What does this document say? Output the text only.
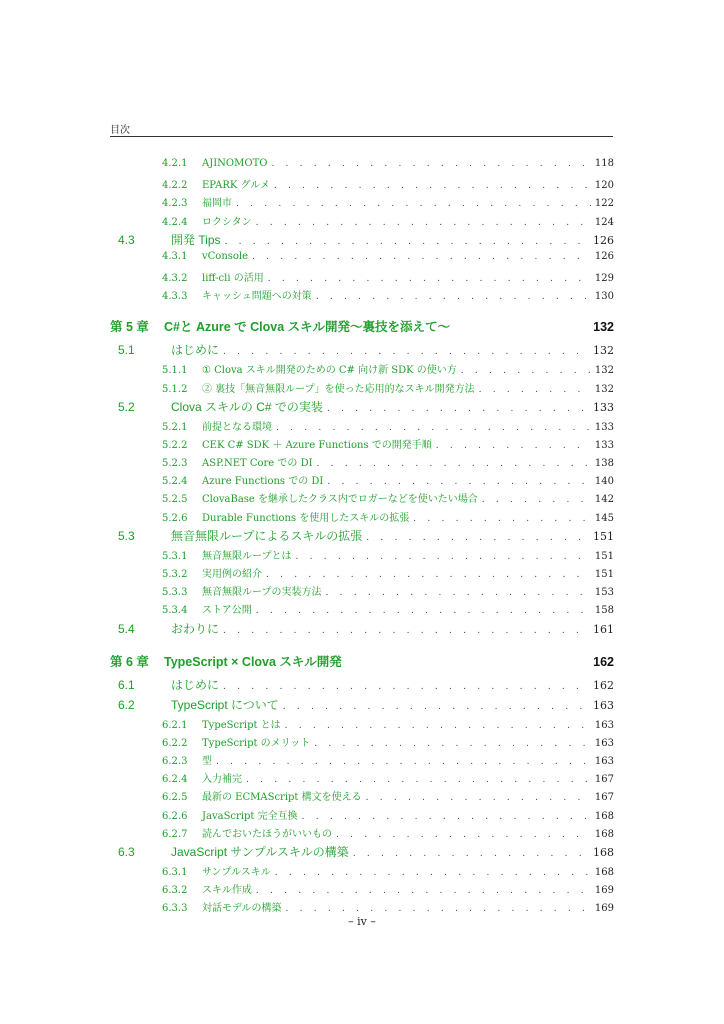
目次
4.2.1	AJINOMOTO . . .	118
4.2.2	EPARK グルメ . . .	120
4.2.3	福岡市 . . .	122
4.2.4	ロクシタン . . .	124
4.3	開発 Tips . . .	126
4.3.1	vConsole . . .	126
4.3.2	liff-cli の活用 . . .	129
4.3.3	キャッシュ問題への対策 . . .	130
第 5 章	C#と Azure で Clova スキル開発〜裏技を添えて〜	132
5.1	はじめに . . .	132
5.1.1	① Clova スキル開発のための C# 向け新 SDK の使い方 . . .	132
5.1.2	② 裏技「無音無限ループ」を使った応用的なスキル開発方法 . . .	132
5.2	Clova スキルの C# での実装 . . .	133
5.2.1	前提となる環境 . . .	133
5.2.2	CEK C# SDK ＋ Azure Functions での開発手順 . . .	133
5.2.3	ASP.NET Core での DI . . .	138
5.2.4	Azure Functions での DI . . .	140
5.2.5	ClovaBase を継承したクラス内でロガーなどを使いたい場合 . . .	142
5.2.6	Durable Functions を使用したスキルの拡張 . . .	145
5.3	無音無限ループによるスキルの拡張 . . .	151
5.3.1	無音無限ループとは . . .	151
5.3.2	実用例の紹介 . . .	151
5.3.3	無音無限ループの実装方法 . . .	153
5.3.4	ストア公開 . . .	158
5.4	おわりに . . .	161
第 6 章	TypeScript × Clova スキル開発	162
6.1	はじめに . . .	162
6.2	TypeScript について . . .	163
6.2.1	TypeScript とは . . .	163
6.2.2	TypeScript のメリット . . .	163
6.2.3	型 . . .	163
6.2.4	入力補完 . . .	167
6.2.5	最新の ECMAScript 構文を使える . . .	167
6.2.6	JavaScript 完全互換 . . .	168
6.2.7	読んでおいたほうがいいもの . . .	168
6.3	JavaScript サンプルスキルの構築 . . .	168
6.3.1	サンプルスキル . . .	168
6.3.2	スキル作成 . . .	169
6.3.3	対話モデルの構築 . . .	169
– iv –
